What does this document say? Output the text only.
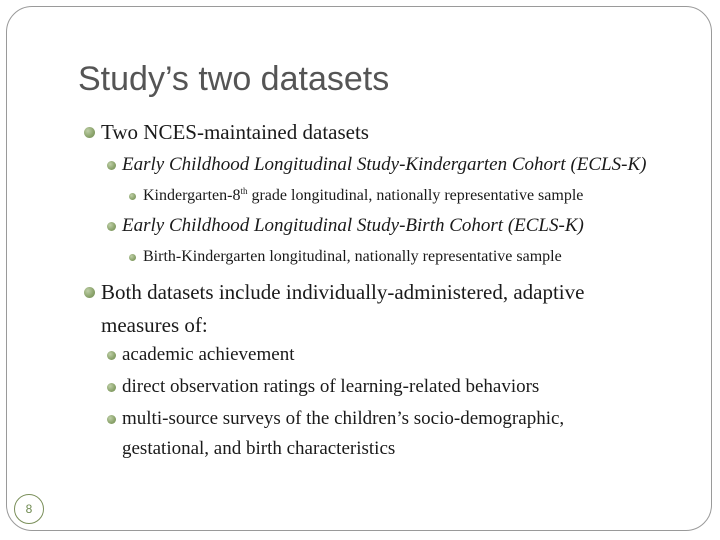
Study’s two datasets
Two NCES-maintained datasets
Early Childhood Longitudinal Study-Kindergarten Cohort (ECLS-K)
Kindergarten-8th grade longitudinal, nationally representative sample
Early Childhood Longitudinal Study-Birth Cohort (ECLS-K)
Birth-Kindergarten longitudinal, nationally representative sample
Both datasets include individually-administered, adaptive
measures of:
academic achievement
direct observation ratings of learning-related behaviors
multi-source surveys of the children’s socio-demographic,
gestational, and birth characteristics
8
